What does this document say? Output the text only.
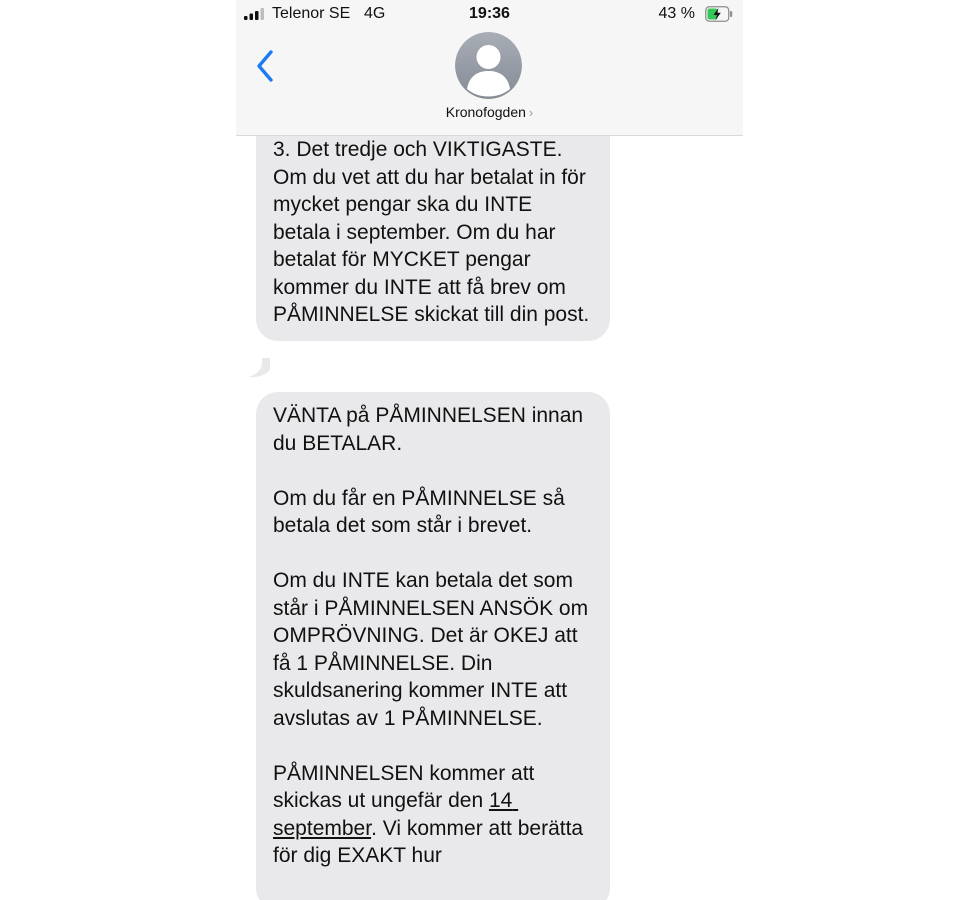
Telenor SE 4G	19:36	43 %
Kronofogden ›

3. Det tredje och VIKTIGASTE. Om du vet att du har betalat in för mycket pengar ska du INTE betala i september. Om du har betalat för MYCKET pengar kommer du INTE att få brev om PÅMINNELSE skickat till din post.

VÄNTA på PÅMINNELSEN innan du BETALAR.

Om du får en PÅMINNELSE så betala det som står i brevet.

Om du INTE kan betala det som står i PÅMINNELSEN ANSÖK om OMPRÖVNING. Det är OKEJ att få 1 PÅMINNELSE. Din skuldsanering kommer INTE att avslutas av 1 PÅMINNELSE.

PÅMINNELSEN kommer att skickas ut ungefär den 14 september. Vi kommer att berätta för dig EXAKT hur
